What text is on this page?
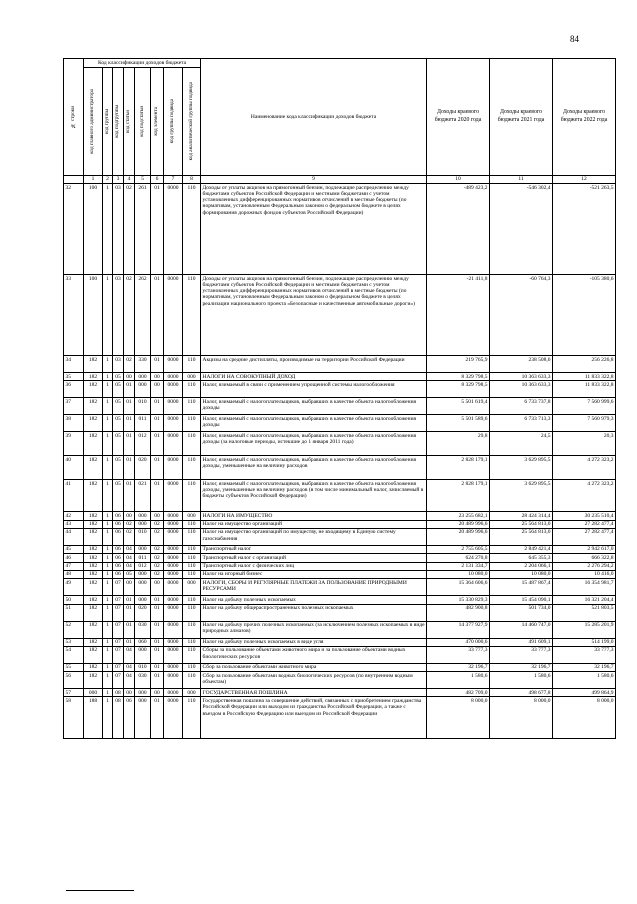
84
№ строки	Код классификации доходов бюджета								Наименование кода классификации доходов бюджета	Доходы краевого бюджета 2020 года	Доходы краевого бюджета 2021 года	Доходы краевого бюджета 2022 года

	код главного администратора	код группы	код подгруппы	код статьи	код подстатьи	код элемента	код группы подвида	код аналитической группы подвида				

	1	2	3	4	5	6	7	8	9	10	11	12
32	100	1	03	02	261	01	0000	110	Доходы от уплаты акцизов на прямогонный бензин, подлежащие распределению между бюджетами субъектов Российской Федерации и местными бюджетами с учетом установленных дифференцированных нормативов отчислений в местные бюджеты (по нормативам, установленным Федеральным законом о федеральном бюджете в целях формирования дорожных фондов субъектов Российской Федерации)	-489 423,2	-546 302,4	-521 263,5
33	100	1	03	02	262	01	0000	110	Доходы от уплаты акцизов на прямогонный бензин, подлежащие распределению между бюджетами субъектов Российской Федерации и местными бюджетами с учетом установленных дифференцированных нормативов отчислений в местные бюджеты (по нормативам, установленным Федеральным законом о федеральном бюджете в целях реализации национального проекта «Безопасные и качественные автомобильные дороги»)	-21 411,8	-60 764,3	-105 380,6
34	182	1	03	02	330	01	0000	110	Акцизы на средние дистилляты, производимые на территории Российской Федерации	219 765,9	238 508,6	256 226,8
35	182	1	05	00	000	00	0000	000	НАЛОГИ НА СОВОКУПНЫЙ ДОХОД	8 329 798,5	10 363 633,3	11 833 322,8
36	182	1	05	01	000	00	0000	110	Налог, взимаемый в связи с применением упрощенной системы налогообложения	8 329 798,5	10 363 633,3	11 833 322,8
37	182	1	05	01	010	01	0000	110	Налог, взимаемый с налогоплательщиков, выбравших в качестве объекта налогообложения доходы	5 501 619,4	6 733 737,8	7 560 999,6
38	182	1	05	01	011	01	0000	110	Налог, взимаемый с налогоплательщиков, выбравших в качестве объекта налогообложения доходы	5 501 589,6	6 733 713,3	7 560 979,3
39	182	1	05	01	012	01	0000	110	Налог, взимаемый с налогоплательщиков, выбравших в качестве объекта налогообложения доходы (за налоговые периоды, истекшие до 1 января 2011 года)	29,8	24,5	20,3
40	182	1	05	01	020	01	0000	110	Налог, взимаемый с налогоплательщиков, выбравших в качестве объекта налогообложения доходы, уменьшенные на величину расходов	2 828 179,1	3 629 895,5	4 272 323,2
41	182	1	05	01	021	01	0000	110	Налог, взимаемый с налогоплательщиков, выбравших в качестве объекта налогообложения доходы, уменьшенные на величину расходов (в том числе минимальный налог, зачисляемый в бюджеты субъектов Российской Федерации)	2 828 179,1	3 629 895,5	4 272 323,2
42	182	1	06	00	000	00	0000	000	НАЛОГИ НА ИМУЩЕСТВО	23 255 682,1	28 424 314,4	30 235 510,4
43	182	1	06	02	000	02	0000	110	Налог на имущество организаций	20 489 996,6	25 564 813,0	27 282 477,4
44	182	1	06	02	010	02	0000	110	Налог на имущество организаций по имуществу, не входящему в Единую систему газоснабжения	20 489 996,6	25 564 813,0	27 282 477,4
45	182	1	06	04	000	02	0000	110	Транспортный налог	2 755 605,5	2 849 421,4	2 942 617,0
46	182	1	06	04	011	02	0000	110	Транспортный налог с организаций	624 270,8	645 355,3	666 322,8
47	182	1	06	04	012	02	0000	110	Транспортный налог с физических лиц	2 131 334,7	2 204 066,1	2 276 294,2
48	182	1	06	05	000	02	0000	110	Налог на игорный бизнес	10 080,0	10 080,0	10 416,0
49	182	1	07	00	000	00	0000	000	НАЛОГИ, СБОРЫ И РЕГУЛЯРНЫЕ ПЛАТЕЖИ ЗА ПОЛЬЗОВАНИЕ ПРИРОДНЫМИ РЕСУРСАМИ	15 364 606,6	15 487 867,4	16 354 981,7
50	182	1	07	01	000	01	0000	110	Налог на добычу полезных ископаемых	15 330 829,3	15 454 090,1	16 321 204,4
51	182	1	07	01	020	01	0000	110	Налог на добычу общераспространенных полезных ископаемых	482 900,8	501 734,0	521 803,5
52	182	1	07	01	030	01	0000	110	Налог на добычу прочих полезных ископаемых (за исключением полезных ископаемых в виде природных алмазов)	14 377 927,9	14 460 747,0	15 285 201,9
53	182	1	07	01	060	01	0000	110	Налог на добычу полезных ископаемых в виде угля	470 000,6	491 609,1	514 199,0
54	182	1	07	04	000	01	0000	110	Сборы за пользование объектами животного мира и за пользование объектами водных биологических ресурсов	33 777,3	33 777,3	33 777,3
55	182	1	07	04	010	01	0000	110	Сбор за пользование объектами животного мира	32 196,7	32 196,7	32 196,7
56	182	1	07	04	030	01	0000	110	Сбор за пользование объектами водных биологических ресурсов (по внутренним водным объектам)	1 580,6	1 580,6	1 580,6
57	000	1	08	00	000	00	0000	000	ГОСУДАРСТВЕННАЯ ПОШЛИНА	482 709,0	498 677,8	499 864,9
58	188	1	08	06	000	01	0000	110	Государственная пошлина за совершение действий, связанных с приобретением гражданства Российской Федерации или выходом из гражданства Российской Федерации, а также с въездом в Российскую Федерацию или выездом из Российской Федерации	8 000,0	8 000,0	8 000,0
